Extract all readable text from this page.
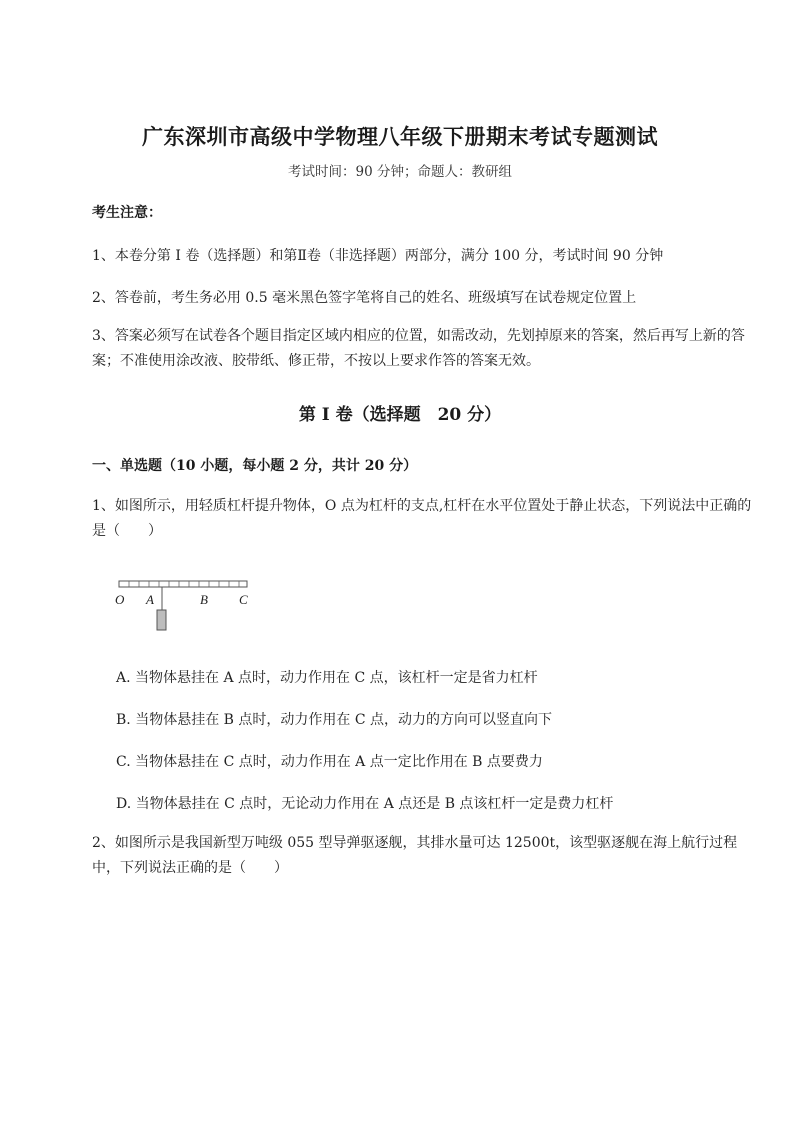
广东深圳市高级中学物理八年级下册期末考试专题测试
考试时间：90 分钟；命题人：教研组
考生注意：
1、本卷分第 I 卷（选择题）和第Ⅱ卷（非选择题）两部分，满分 100 分，考试时间 90 分钟
2、答卷前，考生务必用 0.5 毫米黑色签字笔将自己的姓名、班级填写在试卷规定位置上
3、答案必须写在试卷各个题目指定区域内相应的位置，如需改动，先划掉原来的答案，然后再写上新的答案；不准使用涂改液、胶带纸、修正带，不按以上要求作答的答案无效。
第 I 卷（选择题　20 分）
一、单选题（10 小题，每小题 2 分，共计 20 分）
1、如图所示，用轻质杠杆提升物体，O 点为杠杆的支点,杠杆在水平位置处于静止状态，下列说法中正确的是（　　）
O A	B C
A. 当物体悬挂在 A 点时，动力作用在 C 点，该杠杆一定是省力杠杆
B. 当物体悬挂在 B 点时，动力作用在 C 点，动力的方向可以竖直向下
C. 当物体悬挂在 C 点时，动力作用在 A 点一定比作用在 B 点要费力
D. 当物体悬挂在 C 点时，无论动力作用在 A 点还是 B 点该杠杆一定是费力杠杆
2、如图所示是我国新型万吨级 055 型导弹驱逐舰，其排水量可达 12500t，该型驱逐舰在海上航行过程中，下列说法正确的是（　　）
